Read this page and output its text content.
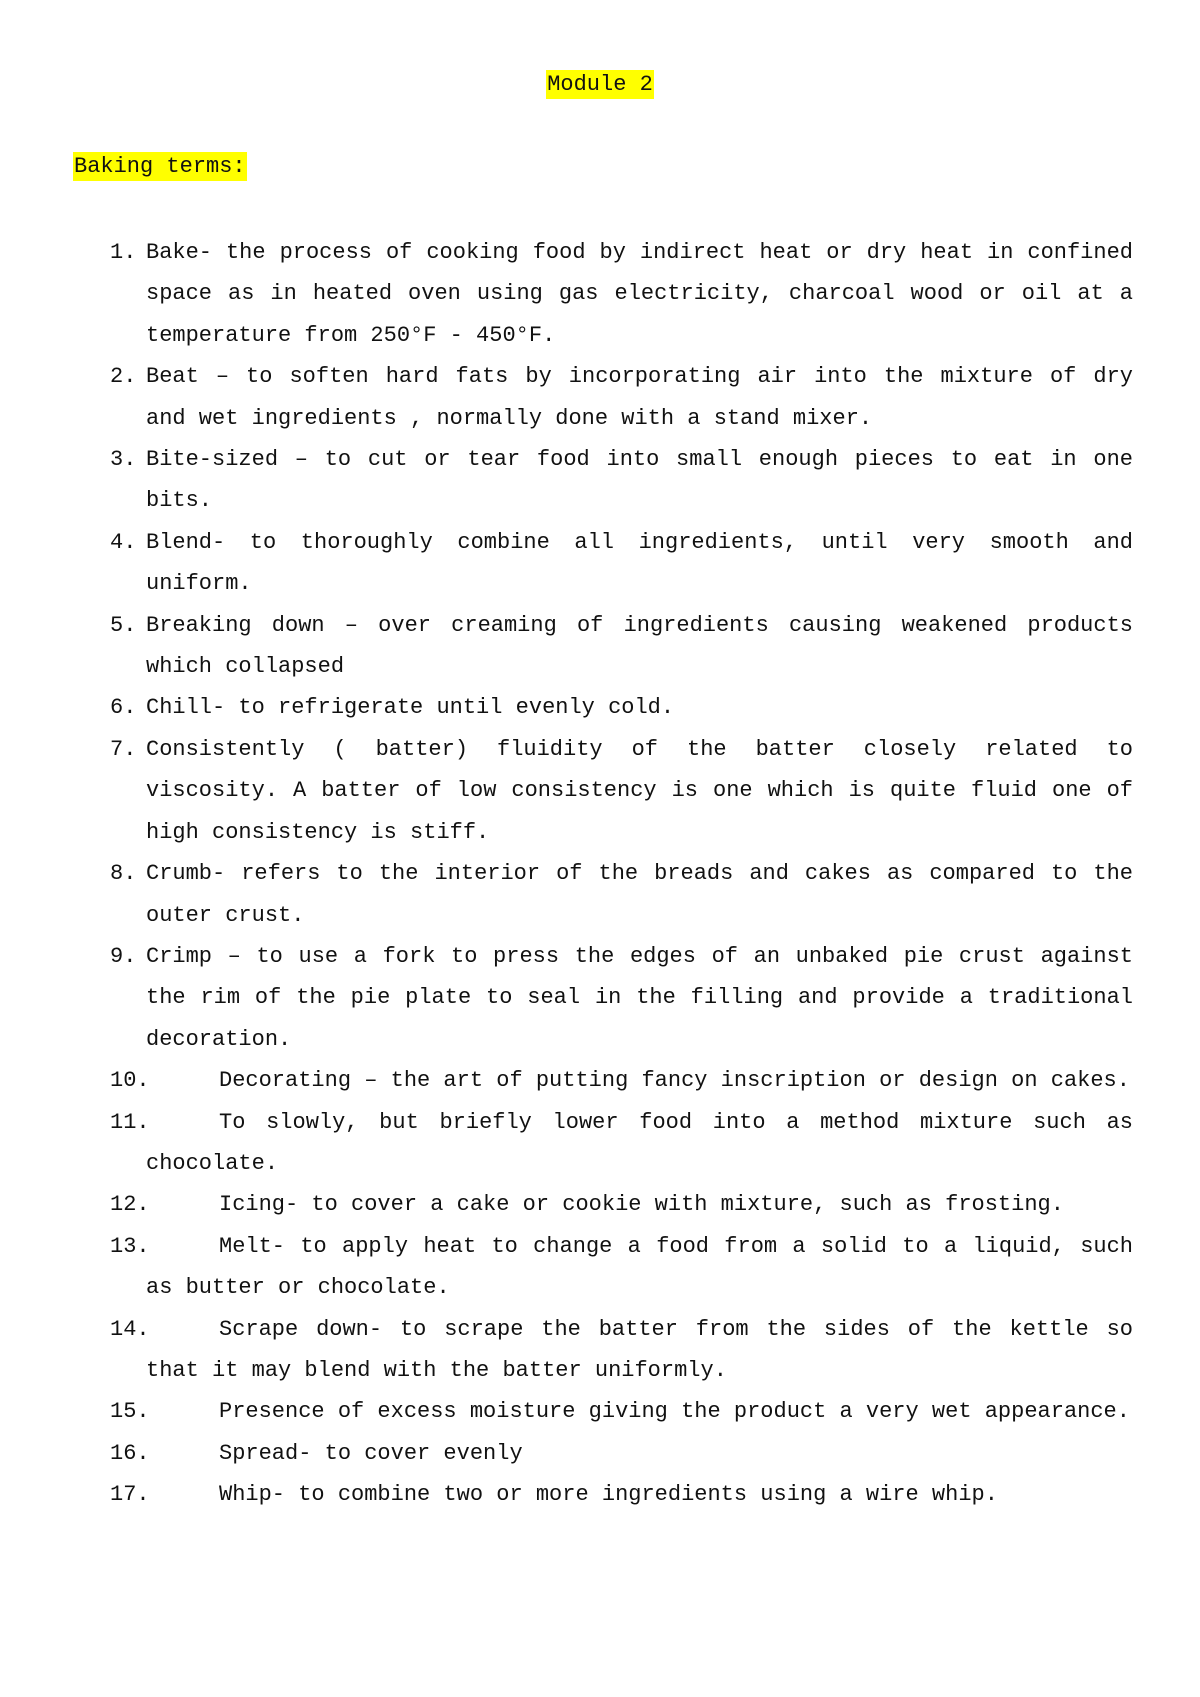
Module 2
Baking terms:
1. Bake- the process of cooking food by indirect heat or dry heat in confined space as in heated oven using gas electricity, charcoal wood or oil at a temperature from 250°F - 450°F.
2. Beat – to soften hard fats by incorporating air into the mixture of dry and wet ingredients , normally done with a stand mixer.
3. Bite-sized – to cut or tear food into small enough pieces to eat in one bits.
4. Blend- to thoroughly combine all ingredients, until very smooth and uniform.
5. Breaking down – over creaming of ingredients causing weakened products which collapsed
6. Chill- to refrigerate until evenly cold.
7. Consistently ( batter) fluidity of the batter closely related to viscosity. A batter of low consistency is one which is quite fluid one of high consistency is stiff.
8. Crumb- refers to the interior of the breads and cakes as compared to the outer crust.
9. Crimp – to use a fork to press the edges of an unbaked pie crust against the rim of the pie plate to seal in the filling and provide a traditional decoration.
10.	Decorating – the art of putting fancy inscription or design on cakes.
11.	To slowly, but briefly lower food into a method mixture such as chocolate.
12.	Icing- to cover a cake or cookie with mixture, such as frosting.
13.	Melt- to apply heat to change a food from a solid to a liquid, such as butter or chocolate.
14.	Scrape down- to scrape the batter from the sides of the kettle so that it may blend with the batter uniformly.
15.	Presence of excess moisture giving the product a very wet appearance.
16.	Spread- to cover evenly
17.	Whip- to combine two or more ingredients using a wire whip.
